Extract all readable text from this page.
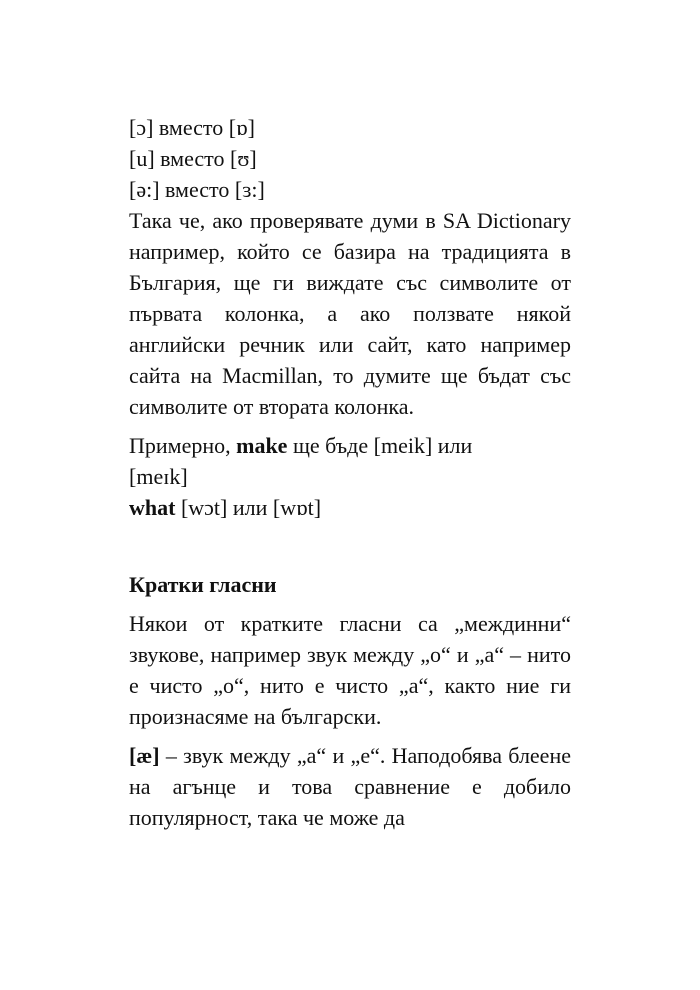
[ɔ] вместо [ɒ]
[u] вместо [ʊ]
[ə:] вместо [ɜ:]

Така че, ако проверявате думи в SA Dictionary например, който се базира на традицията в България, ще ги виждате със символите от първата колонка, а ако ползвате някой английски речник или сайт, като например сайта на Macmillan, то думите ще бъдат със символите от втората колонка.

Примерно, make ще бъде [meik] или
[meɪk]
what [wɔt] или [wɒt]
Кратки гласни

Някои от кратките гласни са „междинни“ звукове, например звук между „о“ и „а“ – нито е чисто „о“, нито е чисто „а“, както ние ги произнасяме на български.

[æ] – звук между „а“ и „е“. Наподобява блеене на агънце и това сравнение е добило популярност, така че може да
